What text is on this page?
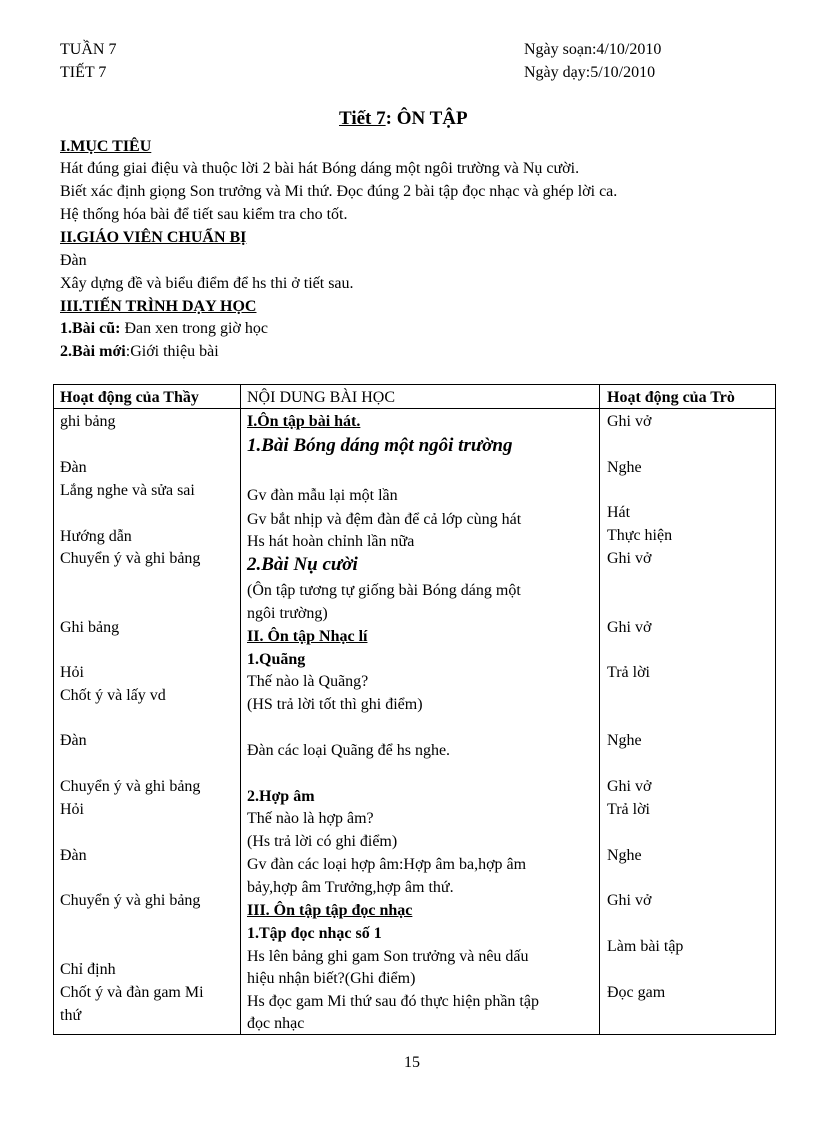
TUẦN 7
TIẾT 7
Ngày soạn:4/10/2010
Ngày dạy:5/10/2010
Tiết 7: ÔN TẬP
I.MỤC TIÊU
Hát đúng giai điệu và thuộc lời 2 bài hát Bóng dáng một ngôi trường và Nụ cười.
Biết xác định giọng Son trưởng và Mi thứ. Đọc đúng 2 bài tập đọc nhạc và ghép lời ca.
Hệ thống hóa bài để tiết sau kiểm tra cho tốt.
II.GIÁO VIÊN CHUẨN BỊ
Đàn
Xây dựng đề và biểu điểm để hs thi ở tiết sau.
III.TIẾN TRÌNH DẠY HỌC
1.Bài cũ: Đan xen trong giờ học
2.Bài mới:Giới thiệu bài
Hoạt động của Thầy	NỘI DUNG BÀI HỌC	Hoạt động của Trò
ghi bảng
Đàn
Lắng nghe và sửa sai
Hướng dẫn
Chuyển ý và ghi bảng
Ghi bảng
Hỏi
Chốt ý và lấy vd
Đàn
Chuyển ý và ghi bảng
Hỏi
Đàn
Chuyển ý và ghi bảng
Chỉ định
Chốt ý và đàn gam Mi
thứ
I.Ôn tập bài hát.
1.Bài Bóng dáng một ngôi trường
Gv đàn mẫu lại một lần
Gv bắt nhịp và đệm đàn để cả lớp cùng hát
Hs hát hoàn chỉnh lần nữa
2.Bài Nụ cười
(Ôn tập tương tự giống bài Bóng dáng một
ngôi trường)
II. Ôn tập Nhạc lí
1.Quãng
Thế nào là Quãng?
(HS trả lời tốt thì ghi điểm)
Đàn các loại Quãng để hs nghe.
2.Hợp âm
Thế nào là hợp âm?
(Hs trả lời có ghi điểm)
Gv đàn các loại hợp âm:Hợp âm ba,hợp âm
bảy,hợp âm Trưởng,hợp âm thứ.
III. Ôn tập tập đọc nhạc
1.Tập đọc nhạc số 1
Hs lên bảng ghi gam Son trưởng và nêu dấu
hiệu nhận biết?(Ghi điểm)
Hs đọc gam Mi thứ sau đó thực hiện phần tập
đọc nhạc
Ghi vở
Nghe
Hát
Thực hiện
Ghi vở
Ghi vở
Trả lời
Nghe
Ghi vở
Trả lời
Nghe
Ghi vở
Làm bài tập
Đọc gam
15
